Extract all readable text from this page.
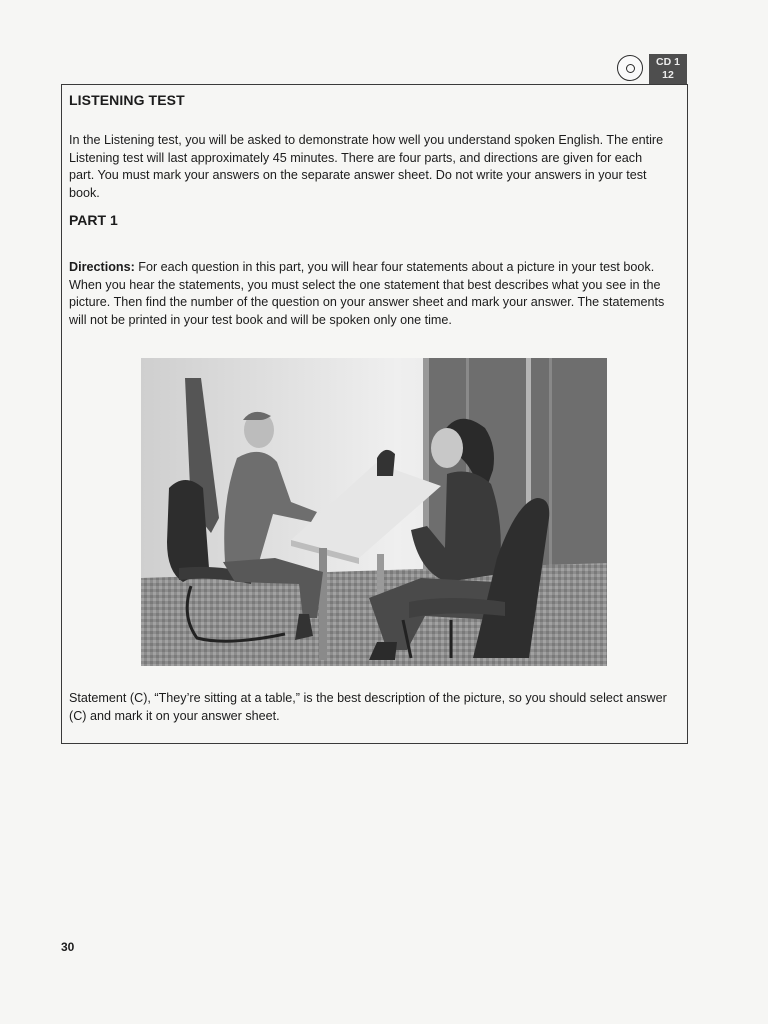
CD 1
12
LISTENING TEST
In the Listening test, you will be asked to demonstrate how well you understand spoken English. The entire Listening test will last approximately 45 minutes. There are four parts, and directions are given for each part. You must mark your answers on the separate answer sheet. Do not write your answers in your test book.
PART 1
Directions: For each question in this part, you will hear four statements about a picture in your test book. When you hear the statements, you must select the one statement that best describes what you see in the picture. Then find the number of the question on your answer sheet and mark your answer. The statements will not be printed in your test book and will be spoken only one time.
Statement (C), “They’re sitting at a table,” is the best description of the picture, so you should select answer (C) and mark it on your answer sheet.
30
